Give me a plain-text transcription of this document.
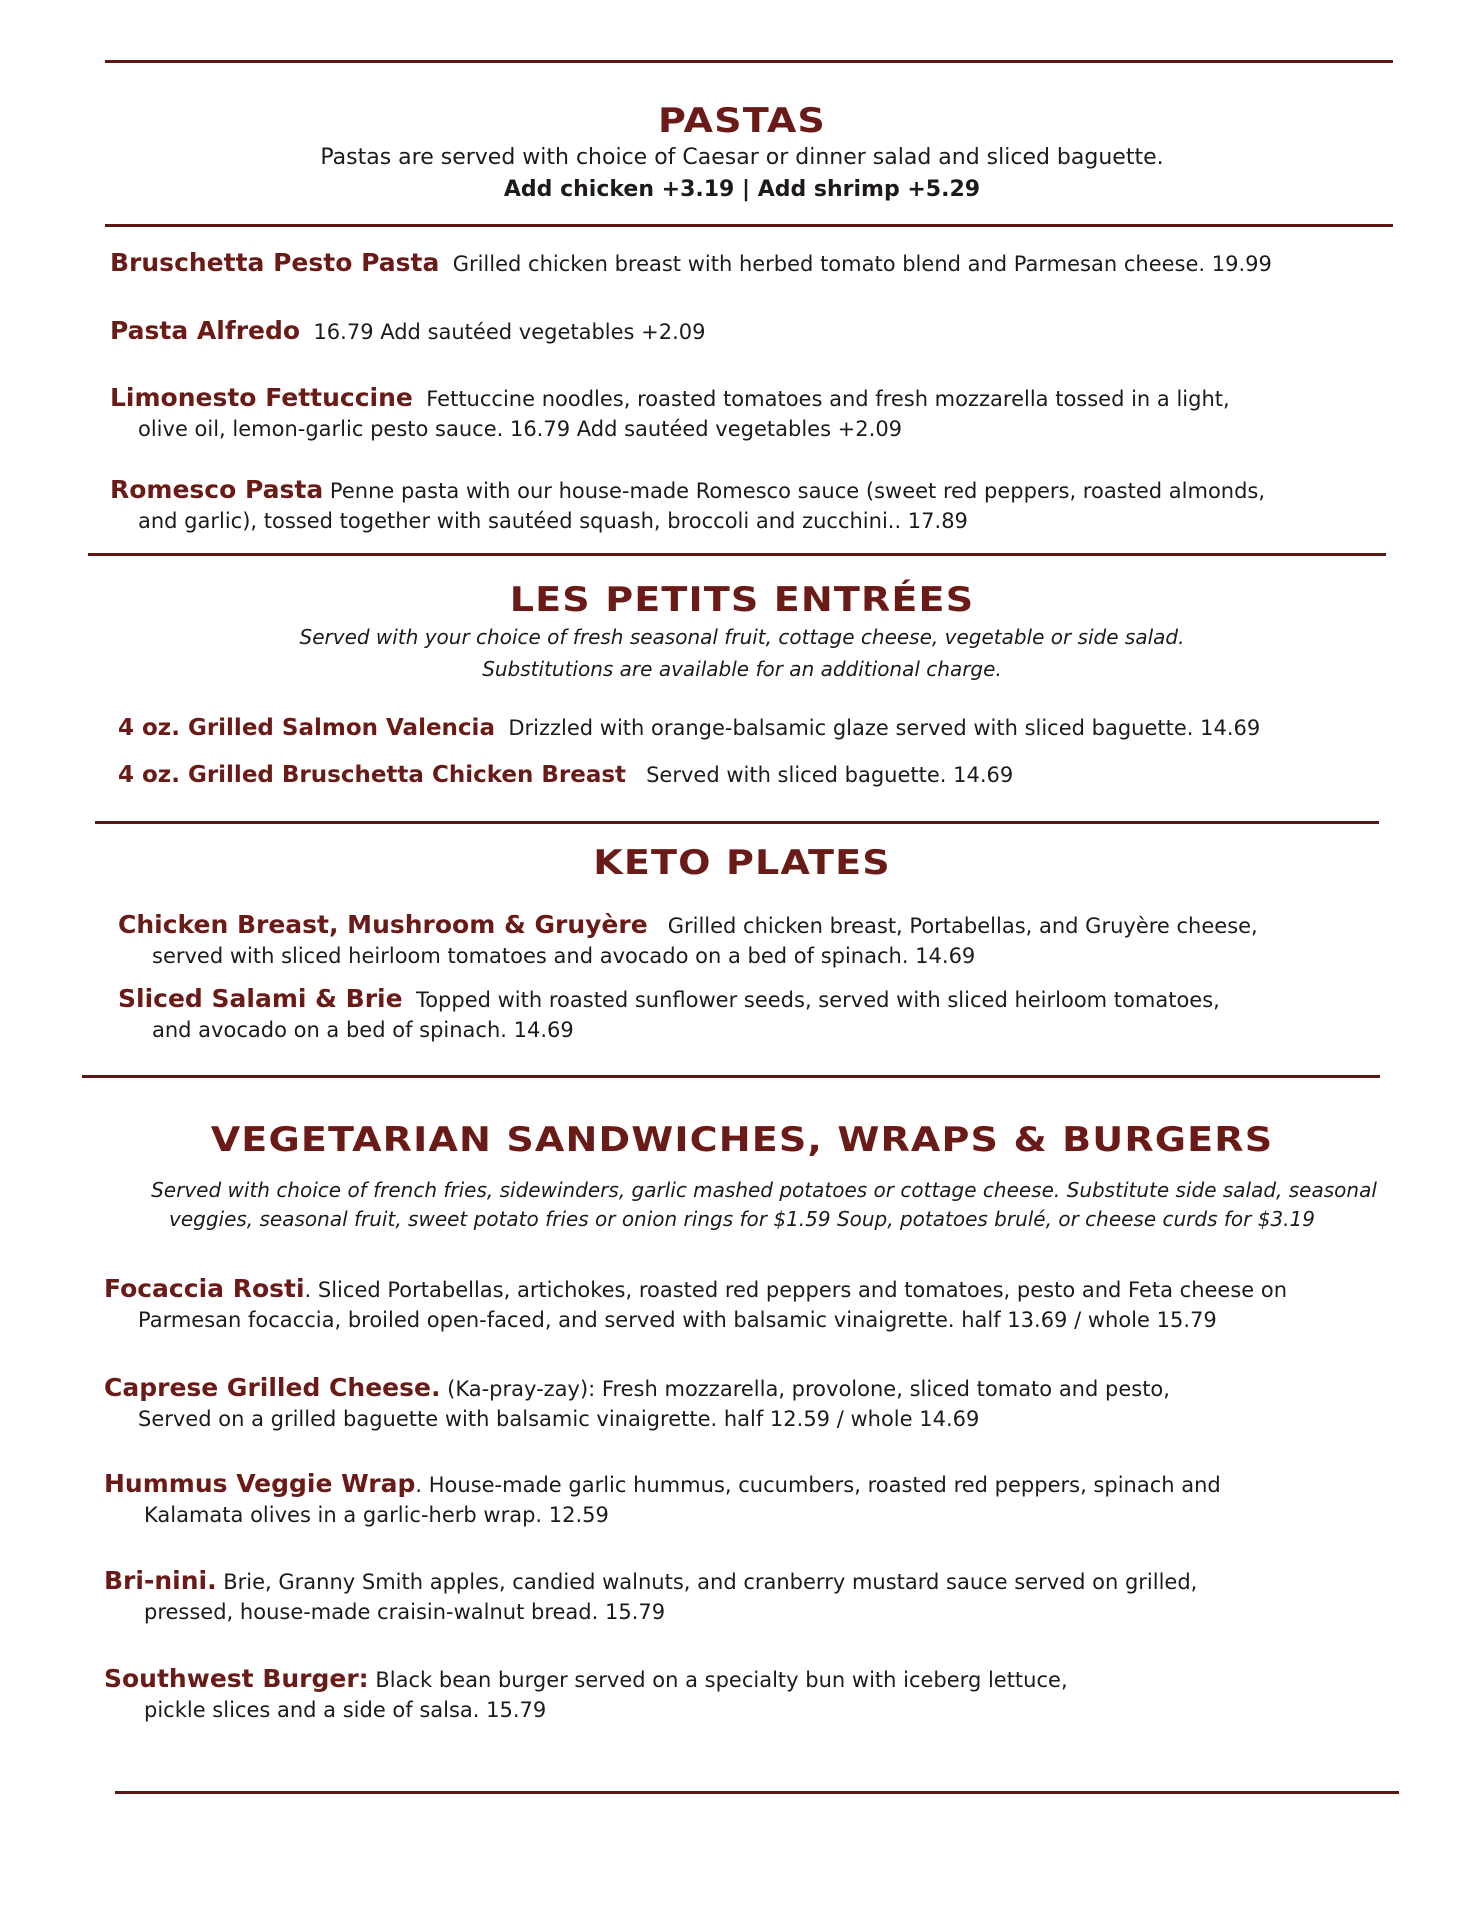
PASTAS
Pastas are served with choice of Caesar or dinner salad and sliced baguette.
Add chicken +3.19 | Add shrimp +5.29
Bruschetta Pesto Pasta Grilled chicken breast with herbed tomato blend and Parmesan cheese. 19.99
Pasta Alfredo 16.79 Add sautéed vegetables +2.09
Limonesto Fettuccine Fettuccine noodles, roasted tomatoes and fresh mozzarella tossed in a light,
olive oil, lemon-garlic pesto sauce. 16.79 Add sautéed vegetables +2.09
Romesco Pasta Penne pasta with our house-made Romesco sauce (sweet red peppers, roasted almonds,
and garlic), tossed together with sautéed squash, broccoli and zucchini.. 17.89
LES PETITS ENTRÉES
Served with your choice of fresh seasonal fruit, cottage cheese, vegetable or side salad.
Substitutions are available for an additional charge.
4 oz. Grilled Salmon Valencia Drizzled with orange-balsamic glaze served with sliced baguette. 14.69
4 oz. Grilled Bruschetta Chicken Breast Served with sliced baguette. 14.69
KETO PLATES
Chicken Breast, Mushroom & Gruyère Grilled chicken breast, Portabellas, and Gruyère cheese,
served with sliced heirloom tomatoes and avocado on a bed of spinach. 14.69
Sliced Salami & Brie Topped with roasted sunflower seeds, served with sliced heirloom tomatoes,
and avocado on a bed of spinach. 14.69
VEGETARIAN SANDWICHES, WRAPS & BURGERS
Served with choice of french fries, sidewinders, garlic mashed potatoes or cottage cheese. Substitute side salad, seasonal
veggies, seasonal fruit, sweet potato fries or onion rings for $1.59 Soup, potatoes brulé, or cheese curds for $3.19
Focaccia Rosti. Sliced Portabellas, artichokes, roasted red peppers and tomatoes, pesto and Feta cheese on
Parmesan focaccia, broiled open-faced, and served with balsamic vinaigrette. half 13.69 / whole 15.79
Caprese Grilled Cheese. (Ka-pray-zay): Fresh mozzarella, provolone, sliced tomato and pesto,
Served on a grilled baguette with balsamic vinaigrette. half 12.59 / whole 14.69
Hummus Veggie Wrap. House-made garlic hummus, cucumbers, roasted red peppers, spinach and
Kalamata olives in a garlic-herb wrap. 12.59
Bri-nini. Brie, Granny Smith apples, candied walnuts, and cranberry mustard sauce served on grilled,
pressed, house-made craisin-walnut bread. 15.79
Southwest Burger: Black bean burger served on a specialty bun with iceberg lettuce,
pickle slices and a side of salsa. 15.79
